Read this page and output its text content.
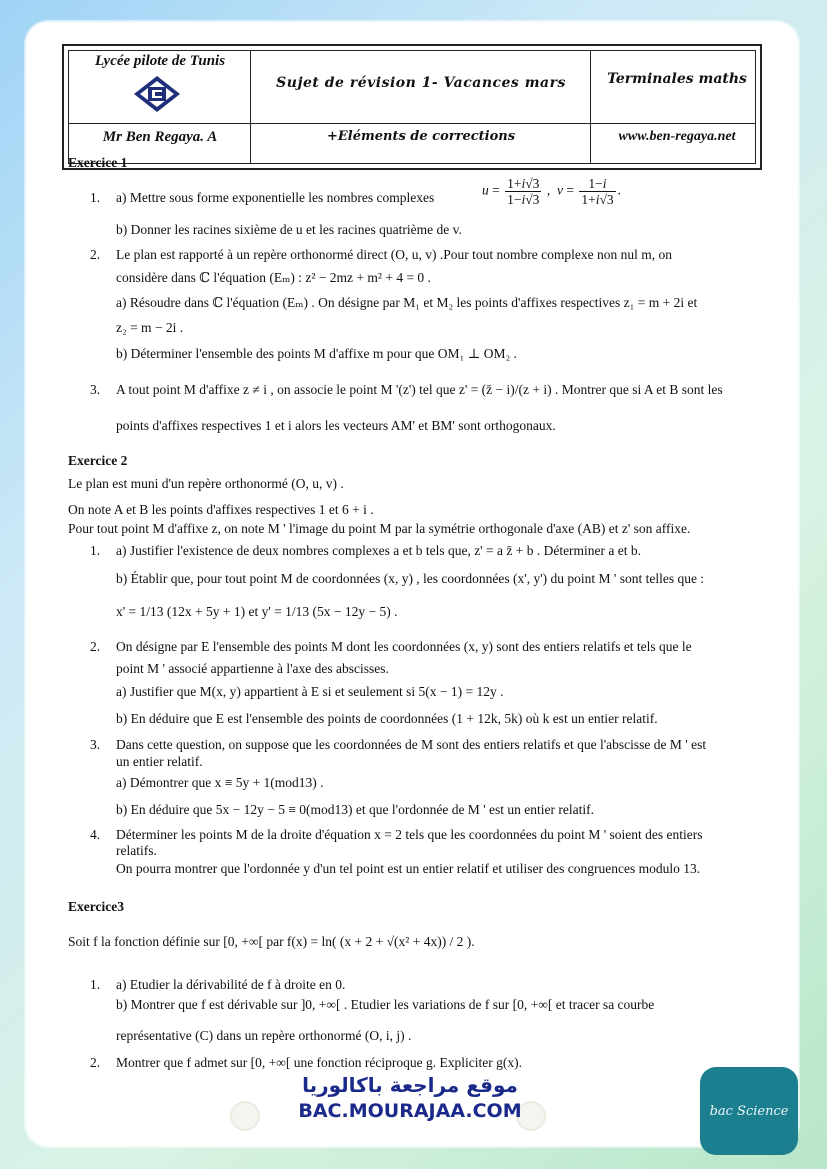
Lycée pilote de Tunis
Mr Ben Regaya. A
Sujet de révision 1- Vacances mars
+Eléments de corrections
Terminales maths
www.ben-regaya.net
Exercice 1
1. a) Mettre sous forme exponentielle les nombres complexes	$u = \frac{1+i√3}{1-i√3}$ ,  $v = \frac{1-i}{1+i√3}$ .
b) Donner les racines sixième de u et les racines quatrième de v.
2. Le plan est rapporté à un repère orthonormé direct (O, u, v) .Pour tout nombre complexe non nul m, on
considère dans ℂ l'équation (Eₘ) : z² − 2mz + m² + 4 = 0 .
a) Résoudre dans ℂ l'équation (Eₘ) . On désigne par M₁ et M₂ les points d'affixes respectives z₁ = m + 2i et
z₂ = m − 2i .
b) Déterminer l'ensemble des points M d'affixe m pour que OM₁ ⊥ OM₂ .
3. A tout point M d'affixe z ≠ i , on associe le point M '(z') tel que z' = (z̄ − i)/(z + i) . Montrer que si A et B sont les
points d'affixes respectives 1 et i alors les vecteurs AM' et BM' sont orthogonaux.
Exercice 2
Le plan est muni d'un repère orthonormé (O, u, v) .
On note A et B les points d'affixes respectives 1 et 6 + i .
Pour tout point M d'affixe z, on note M ' l'image du point M par la symétrie orthogonale d'axe (AB) et z' son affixe.
1. a) Justifier l'existence de deux nombres complexes a et b tels que, z' = a z̄ + b . Déterminer a et b.
b) Établir que, pour tout point M de coordonnées (x, y) , les coordonnées (x', y') du point M ' sont telles que :
x' = 1/13 (12x + 5y + 1) et y' = 1/13 (5x − 12y − 5) .
2. On désigne par E l'ensemble des points M dont les coordonnées (x, y) sont des entiers relatifs et tels que le
point M ' associé appartienne à l'axe des abscisses.
a) Justifier que M(x, y) appartient à E si et seulement si 5(x − 1) = 12y .
b) En déduire que E est l'ensemble des points de coordonnées (1 + 12k, 5k) où k est un entier relatif.
3. Dans cette question, on suppose que les coordonnées de M sont des entiers relatifs et que l'abscisse de M ' est
un entier relatif.
a) Démontrer que x ≡ 5y + 1(mod13) .
b) En déduire que 5x − 12y − 5 ≡ 0(mod13) et que l'ordonnée de M ' est un entier relatif.
4. Déterminer les points M de la droite d'équation x = 2 tels que les coordonnées du point M ' soient des entiers
relatifs.
On pourra montrer que l'ordonnée y d'un tel point est un entier relatif et utiliser des congruences modulo 13.
Exercice3
Soit f la fonction définie sur [0, +∞[ par f(x) = ln( (x + 2 + √(x² + 4x)) / 2 ).
1. a) Etudier la dérivabilité de f à droite en 0.
b) Montrer que f est dérivable sur ]0, +∞[ . Etudier les variations de f sur [0, +∞[ et tracer sa courbe
représentative (C) dans un repère orthonormé (O, i, j) .
2. Montrer que f admet sur [0, +∞[ une fonction réciproque g. Expliciter g(x).
موقع مراجعة باكالوريا
BAC.MOURAJAA.COM	bac Science
